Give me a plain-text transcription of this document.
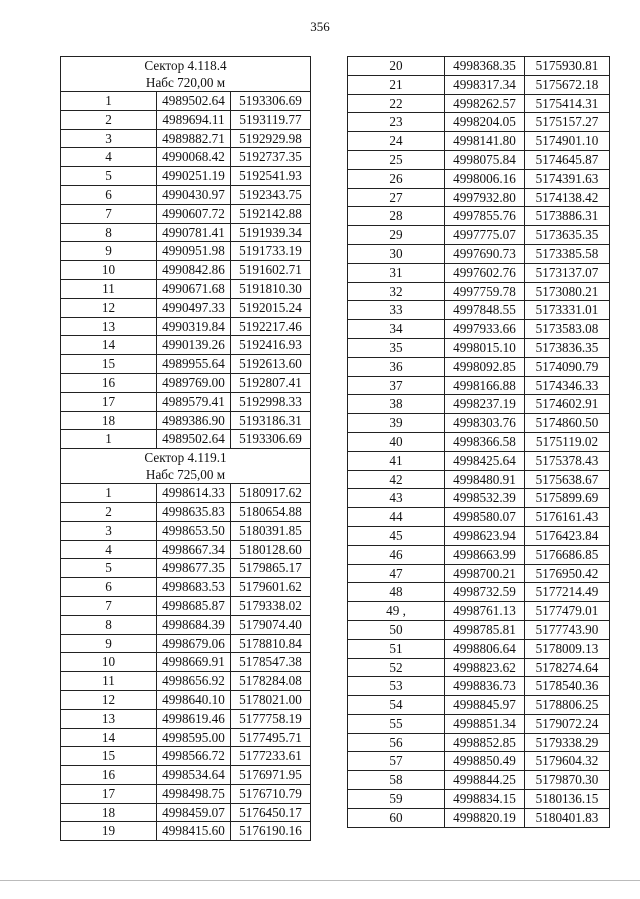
356
Сектор 4.118.4
Набс 720,00 м		

1	4989502.64	5193306.69
2	4989694.11	5193119.77
3	4989882.71	5192929.98
4	4990068.42	5192737.35
5	4990251.19	5192541.93
6	4990430.97	5192343.75
7	4990607.72	5192142.88
8	4990781.41	5191939.34
9	4990951.98	5191733.19
10	4990842.86	5191602.71
11	4990671.68	5191810.30
12	4990497.33	5192015.24
13	4990319.84	5192217.46
14	4990139.26	5192416.93
15	4989955.64	5192613.60
16	4989769.00	5192807.41
17	4989579.41	5192998.33
18	4989386.90	5193186.31
1	4989502.64	5193306.69

Сектор 4.119.1
Набс 725,00 м		

1	4998614.33	5180917.62
2	4998635.83	5180654.88
3	4998653.50	5180391.85
4	4998667.34	5180128.60
5	4998677.35	5179865.17
6	4998683.53	5179601.62
7	4998685.87	5179338.02
8	4998684.39	5179074.40
9	4998679.06	5178810.84
10	4998669.91	5178547.38
11	4998656.92	5178284.08
12	4998640.10	5178021.00
13	4998619.46	5177758.19
14	4998595.00	5177495.71
15	4998566.72	5177233.61
16	4998534.64	5176971.95
17	4998498.75	5176710.79
18	4998459.07	5176450.17
19	4998415.60	5176190.16
20	4998368.35	5175930.81
21	4998317.34	5175672.18
22	4998262.57	5175414.31
23	4998204.05	5175157.27
24	4998141.80	5174901.10
25	4998075.84	5174645.87
26	4998006.16	5174391.63
27	4997932.80	5174138.42
28	4997855.76	5173886.31
29	4997775.07	5173635.35
30	4997690.73	5173385.58
31	4997602.76	5173137.07
32	4997759.78	5173080.21
33	4997848.55	5173331.01
34	4997933.66	5173583.08
35	4998015.10	5173836.35
36	4998092.85	5174090.79
37	4998166.88	5174346.33
38	4998237.19	5174602.91
39	4998303.76	5174860.50
40	4998366.58	5175119.02
41	4998425.64	5175378.43
42	4998480.91	5175638.67
43	4998532.39	5175899.69
44	4998580.07	5176161.43
45	4998623.94	5176423.84
46	4998663.99	5176686.85
47	4998700.21	5176950.42
48	4998732.59	5177214.49
49 ,	4998761.13	5177479.01
50	4998785.81	5177743.90
51	4998806.64	5178009.13
52	4998823.62	5178274.64
53	4998836.73	5178540.36
54	4998845.97	5178806.25
55	4998851.34	5179072.24
56	4998852.85	5179338.29
57	4998850.49	5179604.32
58	4998844.25	5179870.30
59	4998834.15	5180136.15
60	4998820.19	5180401.83
